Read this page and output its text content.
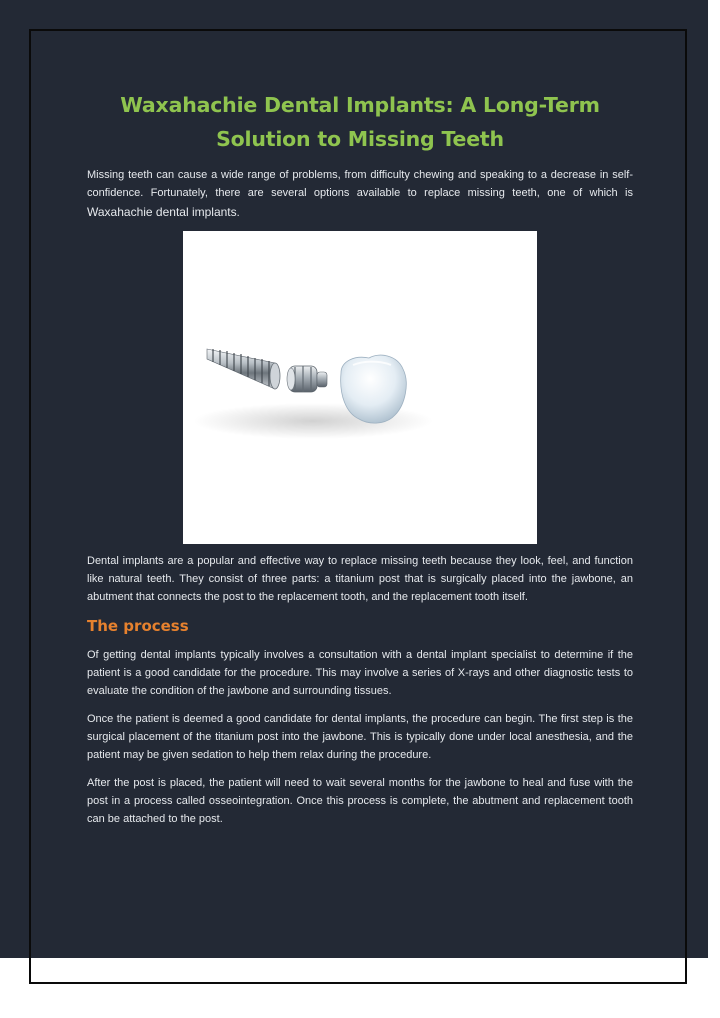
Waxahachie Dental Implants: A Long-Term
Solution to Missing Teeth

Missing teeth can cause a wide range of problems, from difficulty chewing and speaking to a decrease in self-confidence. Fortunately, there are several options available to replace missing teeth, one of which is Waxahachie dental implants.

Dental implants are a popular and effective way to replace missing teeth because they look, feel, and function like natural teeth. They consist of three parts: a titanium post that is surgically placed into the jawbone, an abutment that connects the post to the replacement tooth, and the replacement tooth itself.

The process

Of getting dental implants typically involves a consultation with a dental implant specialist to determine if the patient is a good candidate for the procedure. This may involve a series of X-rays and other diagnostic tests to evaluate the condition of the jawbone and surrounding tissues.

Once the patient is deemed a good candidate for dental implants, the procedure can begin. The first step is the surgical placement of the titanium post into the jawbone. This is typically done under local anesthesia, and the patient may be given sedation to help them relax during the procedure.

After the post is placed, the patient will need to wait several months for the jawbone to heal and fuse with the post in a process called osseointegration. Once this process is complete, the abutment and replacement tooth can be attached to the post.
